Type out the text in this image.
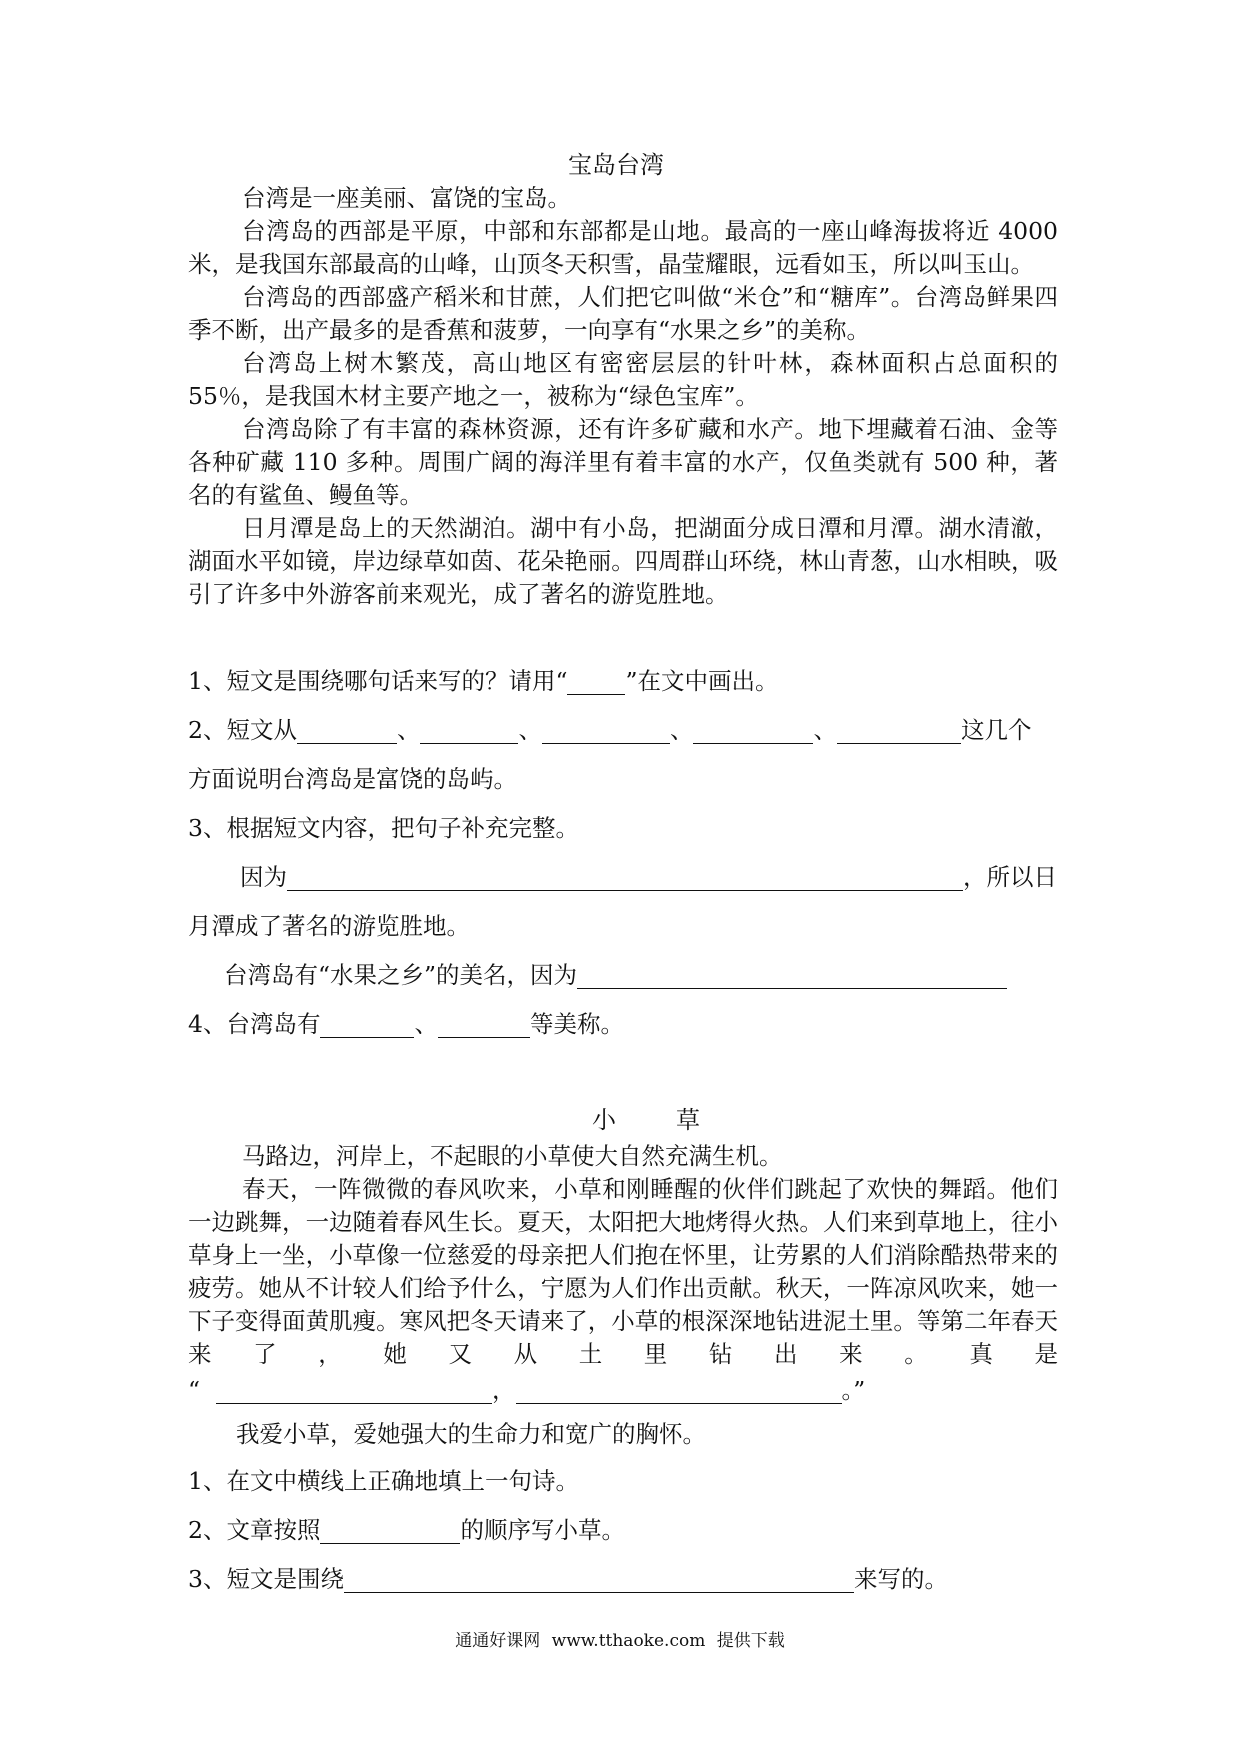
宝岛台湾

台湾是一座美丽、富饶的宝岛。

台湾岛的西部是平原，中部和东部都是山地。最高的一座山峰海拔将近 4000 米，是我国东部最高的山峰，山顶冬天积雪，晶莹耀眼，远看如玉，所以叫玉山。

台湾岛的西部盛产稻米和甘蔗，人们把它叫做“米仓”和“糖库”。台湾岛鲜果四季不断，出产最多的是香蕉和菠萝，一向享有“水果之乡”的美称。

台湾岛上树木繁茂，高山地区有密密层层的针叶林，森林面积占总面积的 55％，是我国木材主要产地之一，被称为“绿色宝库”。

台湾岛除了有丰富的森林资源，还有许多矿藏和水产。地下埋藏着石油、金等各种矿藏 110 多种。周围广阔的海洋里有着丰富的水产，仅鱼类就有 500 种，著名的有鲨鱼、鳗鱼等。

日月潭是岛上的天然湖泊。湖中有小岛，把湖面分成日潭和月潭。湖水清澈，湖面水平如镜，岸边绿草如茵、花朵艳丽。四周群山环绕，林山青葱，山水相映，吸引了许多中外游客前来观光，成了著名的游览胜地。

1、短文是围绕哪句话来写的？请用“ ”在文中画出。
2、短文从	、	、	、	、	这几个
方面说明台湾岛是富饶的岛屿。
3、根据短文内容，把句子补充完整。
因为	，所以日
月潭成了著名的游览胜地。
台湾岛有“水果之乡”的美名，因为
4、台湾岛有	、	等美称。
小	草

马路边，河岸上，不起眼的小草使大自然充满生机。

春天，一阵微微的春风吹来，小草和刚睡醒的伙伴们跳起了欢快的舞蹈。他们一边跳舞，一边随着春风生长。夏天，太阳把大地烤得火热。人们来到草地上，往小草身上一坐，小草像一位慈爱的母亲把人们抱在怀里，让劳累的人们消除酷热带来的疲劳。她从不计较人们给予什么，宁愿为人们作出贡献。秋天，一阵凉风吹来，她一下子变得面黄肌瘦。寒风把冬天请来了，小草的根深深地钻进泥土里。等第二年春天来了，她又从土里钻出来。真是

“	，	。”
我爱小草，爱她强大的生命力和宽广的胸怀。
1、在文中横线上正确地填上一句诗。
2、文章按照	的顺序写小草。
3、短文是围绕	来写的。
通通好课网 www.tthaoke.com 提供下载
